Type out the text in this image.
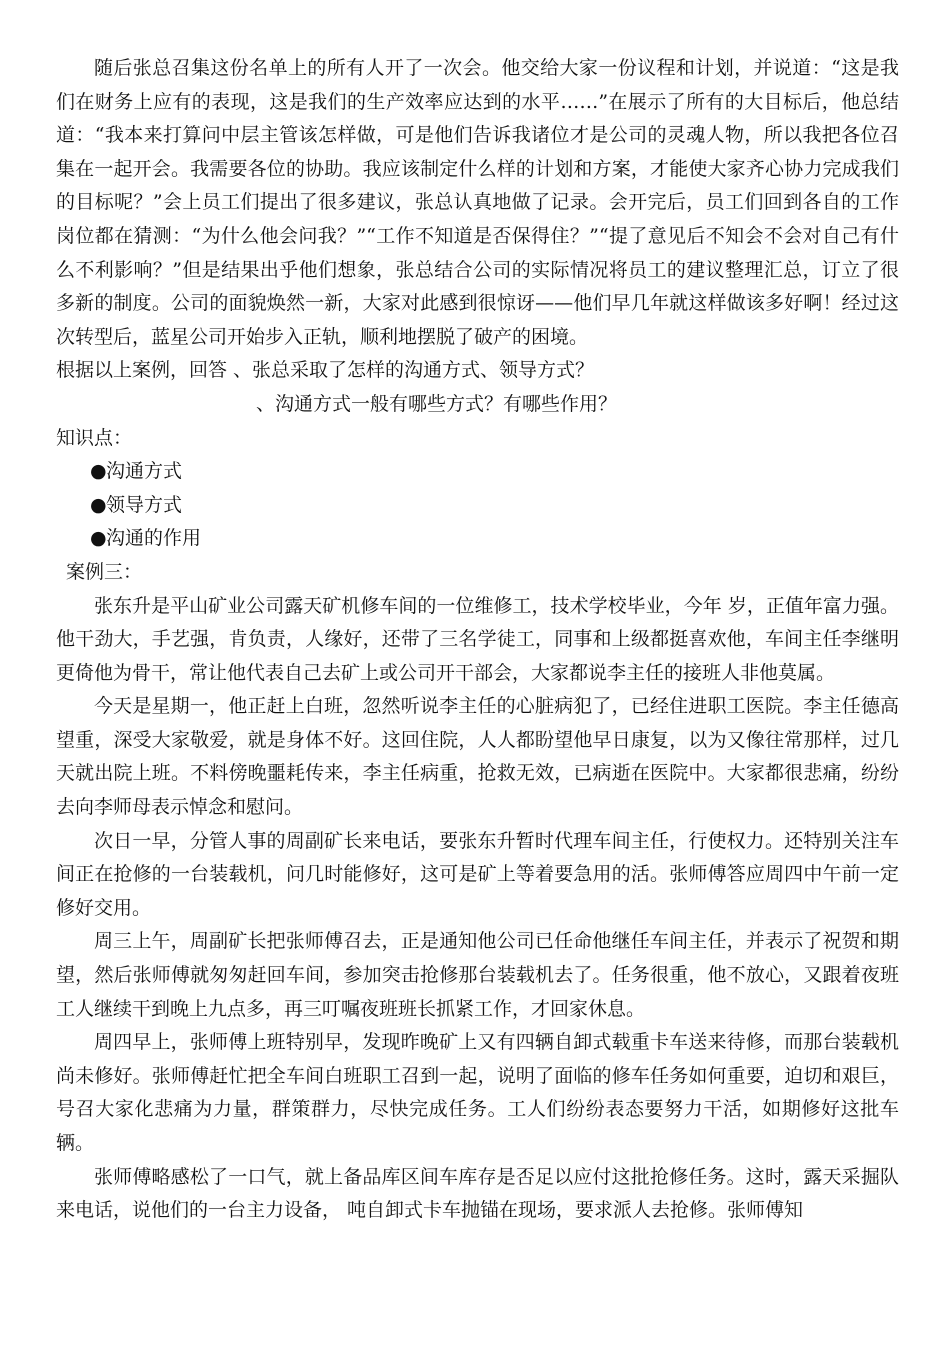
随后张总召集这份名单上的所有人开了一次会。他交给大家一份议程和计划，并说道：“这是我们在财务上应有的表现，这是我们的生产效率应达到的水平……”在展示了所有的大目标后，他总结道：“我本来打算问中层主管该怎样做，可是他们告诉我诸位才是公司的灵魂人物，所以我把各位召集在一起开会。我需要各位的协助。我应该制定什么样的计划和方案，才能使大家齐心协力完成我们的目标呢？”会上员工们提出了很多建议，张总认真地做了记录。会开完后，员工们回到各自的工作岗位都在猜测：“为什么他会问我？”“工作不知道是否保得住？”“提了意见后不知会不会对自己有什么不利影响？”但是结果出乎他们想象，张总结合公司的实际情况将员工的建议整理汇总，订立了很多新的制度。公司的面貌焕然一新，大家对此感到很惊讶——他们早几年就这样做该多好啊！经过这次转型后，蓝星公司开始步入正轨，顺利地摆脱了破产的困境。

根据以上案例，回答 、张总采取了怎样的沟通方式、领导方式？

、沟通方式一般有哪些方式？有哪些作用？

知识点：

●沟通方式

●领导方式

●沟通的作用

案例三：

张东升是平山矿业公司露天矿机修车间的一位维修工，技术学校毕业，今年 岁，正值年富力强。他干劲大，手艺强，肯负责，人缘好，还带了三名学徒工，同事和上级都挺喜欢他，车间主任李继明更倚他为骨干，常让他代表自己去矿上或公司开干部会，大家都说李主任的接班人非他莫属。

今天是星期一，他正赶上白班，忽然听说李主任的心脏病犯了，已经住进职工医院。李主任德高望重，深受大家敬爱，就是身体不好。这回住院，人人都盼望他早日康复，以为又像往常那样，过几天就出院上班。不料傍晚噩耗传来，李主任病重，抢救无效，已病逝在医院中。大家都很悲痛，纷纷去向李师母表示悼念和慰问。

次日一早，分管人事的周副矿长来电话，要张东升暂时代理车间主任，行使权力。还特别关注车间正在抢修的一台装载机，问几时能修好，这可是矿上等着要急用的活。张师傅答应周四中午前一定修好交用。

周三上午，周副矿长把张师傅召去，正是通知他公司已任命他继任车间主任，并表示了祝贺和期望，然后张师傅就匆匆赶回车间，参加突击抢修那台装载机去了。任务很重，他不放心，又跟着夜班工人继续干到晚上九点多，再三叮嘱夜班班长抓紧工作，才回家休息。

周四早上，张师傅上班特别早，发现昨晚矿上又有四辆自卸式载重卡车送来待修，而那台装载机尚未修好。张师傅赶忙把全车间白班职工召到一起，说明了面临的修车任务如何重要，迫切和艰巨，号召大家化悲痛为力量，群策群力，尽快完成任务。工人们纷纷表态要努力干活，如期修好这批车辆。

张师傅略感松了一口气，就上备品库区间车库存是否足以应付这批抢修任务。这时，露天采掘队来电话，说他们的一台主力设备， 吨自卸式卡车抛锚在现场，要求派人去抢修。张师傅知
